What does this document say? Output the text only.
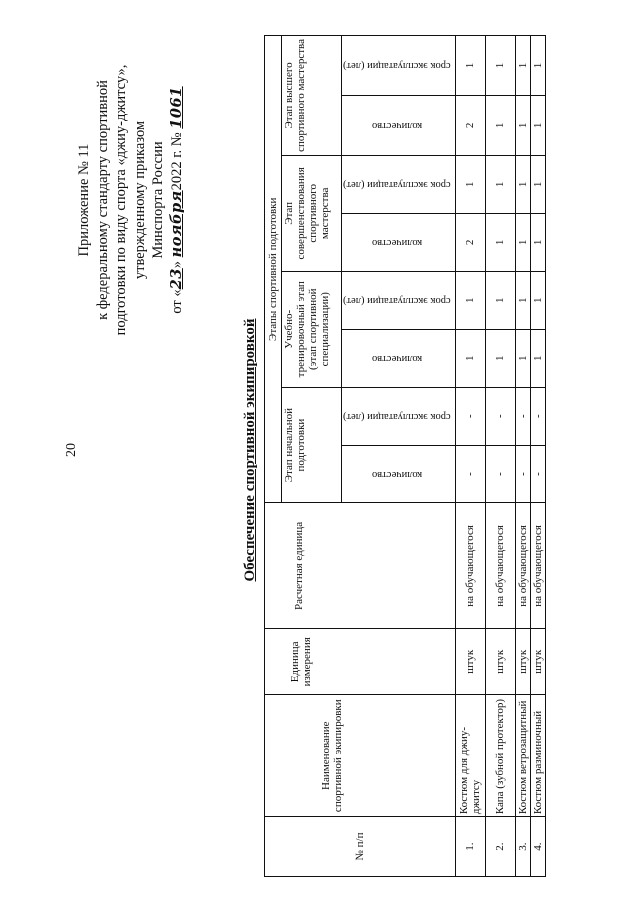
20
Приложение № 11 к федеральному стандарту спортивной подготовки по виду спорта «джиу-джитсу», утвержденному приказом Минспорта России
от «23» ноября2022 г. № 1061
Обеспечение спортивной экипировкой
№ п/п	Наименование спортивной экипировки	Единица измерения	Расчетная единица	Этапы спортивной подготовки							
				Этап начальной подготовки		Учебно-тренировочный этап (этап спортивной специализации)		Этап совершенствования спортивного мастерства		Этап высшего спортивного мастерства	
				количество	срок эксплуатации (лет)	количество	срок эксплуатации (лет)	количество	срок эксплуатации (лет)	количество	срок эксплуатации (лет)
1.	Костюм для джиу-джитсу	штук	на обучающегося	-	-	1	1	2	1	2	1
2.	Капа (зубной протектор)	штук	на обучающегося	-	-	1	1	1	1	1	1
3.	Костюм ветрозащитный	штук	на обучающегося	-	-	1	1	1	1	1	1
4.	Костюм разминочный	штук	на обучающегося	-	-	1	1	1	1	1	1
